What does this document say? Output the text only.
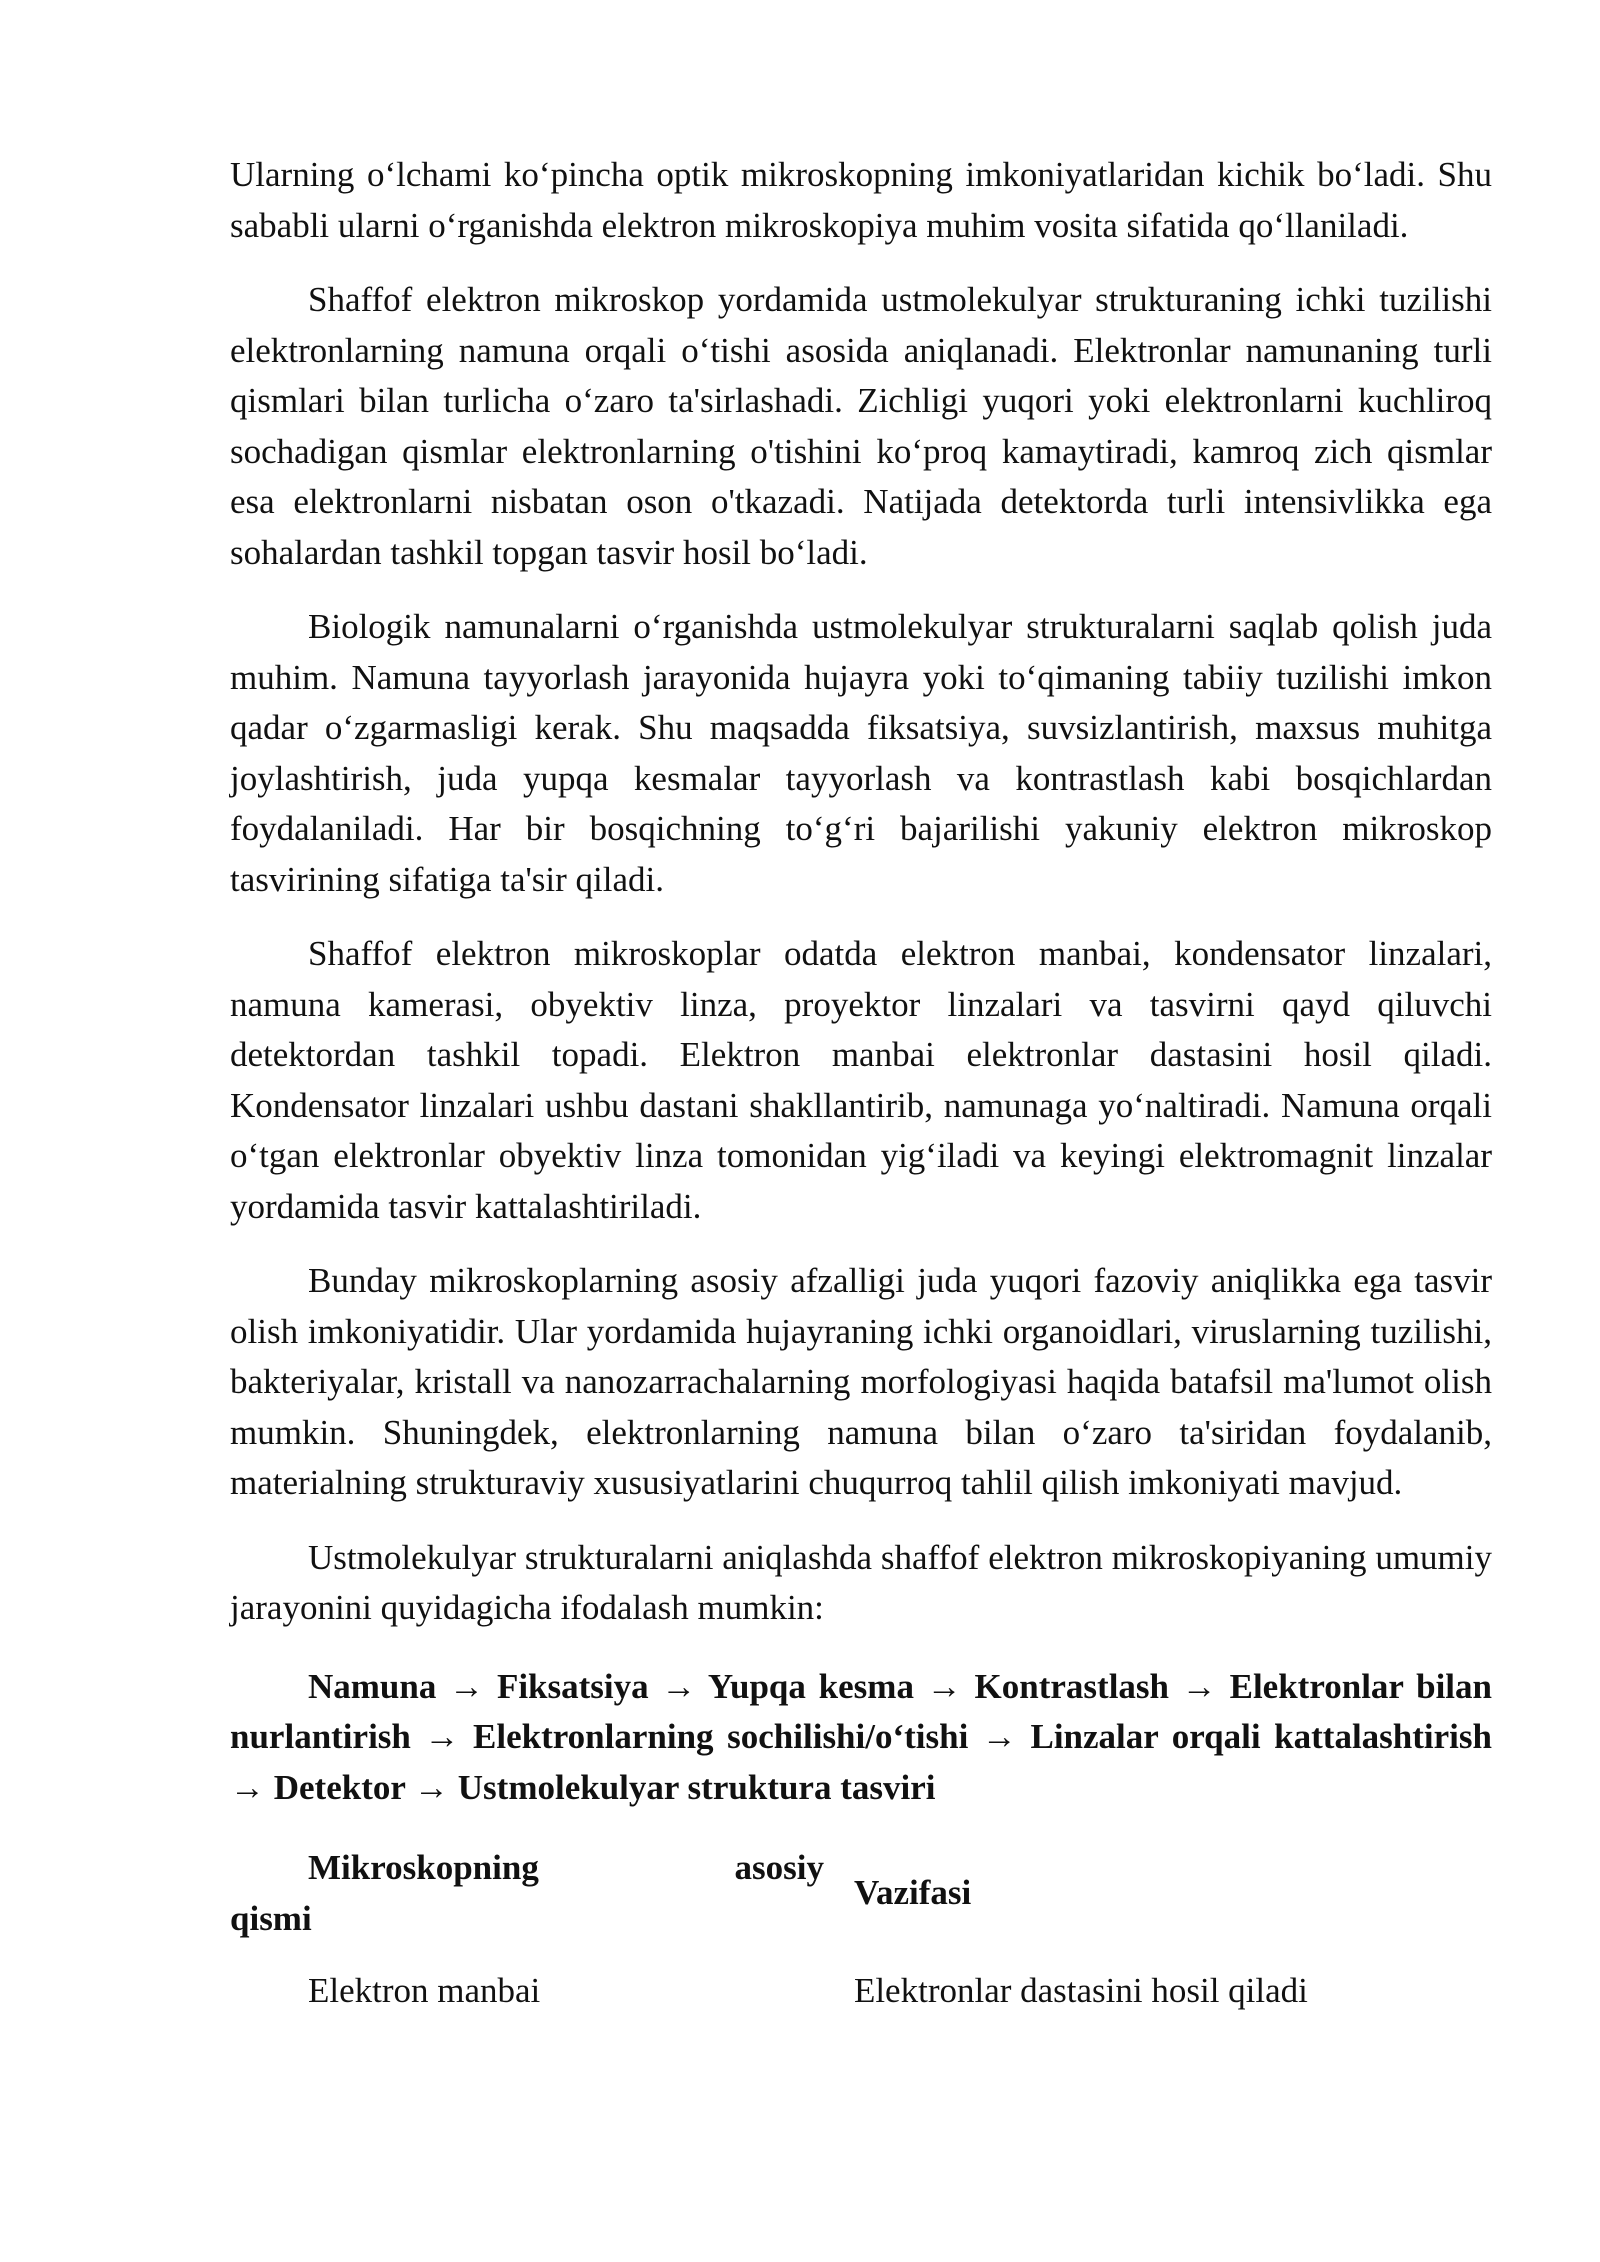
Ularning o‘lchami ko‘pincha optik mikroskopning imkoniyatlaridan kichik bo‘ladi. Shu sababli ularni o‘rganishda elektron mikroskopiya muhim vosita sifatida qo‘llaniladi.

Shaffof elektron mikroskop yordamida ustmolekulyar strukturaning ichki tuzilishi elektronlarning namuna orqali o‘tishi asosida aniqlanadi. Elektronlar namunaning turli qismlari bilan turlicha o‘zaro ta'sirlashadi. Zichligi yuqori yoki elektronlarni kuchliroq sochadigan qismlar elektronlarning o'tishini ko‘proq kamaytiradi, kamroq zich qismlar esa elektronlarni nisbatan oson o'tkazadi. Natijada detektorda turli intensivlikka ega sohalardan tashkil topgan tasvir hosil bo‘ladi.

Biologik namunalarni o‘rganishda ustmolekulyar strukturalarni saqlab qolish juda muhim. Namuna tayyorlash jarayonida hujayra yoki to‘qimaning tabiiy tuzilishi imkon qadar o‘zgarmasligi kerak. Shu maqsadda fiksatsiya, suvsizlantirish, maxsus muhitga joylashtirish, juda yupqa kesmalar tayyorlash va kontrastlash kabi bosqichlardan foydalaniladi. Har bir bosqichning to‘g‘ri bajarilishi yakuniy elektron mikroskop tasvirining sifatiga ta'sir qiladi.

Shaffof elektron mikroskoplar odatda elektron manbai, kondensator linzalari, namuna kamerasi, obyektiv linza, proyektor linzalari va tasvirni qayd qiluvchi detektordan tashkil topadi. Elektron manbai elektronlar dastasini hosil qiladi. Kondensator linzalari ushbu dastani shakllantirib, namunaga yo‘naltiradi. Namuna orqali o‘tgan elektronlar obyektiv linza tomonidan yig‘iladi va keyingi elektromagnit linzalar yordamida tasvir kattalashtiriladi.

Bunday mikroskoplarning asosiy afzalligi juda yuqori fazoviy aniqlikka ega tasvir olish imkoniyatidir. Ular yordamida hujayraning ichki organoidlari, viruslarning tuzilishi, bakteriyalar, kristall va nanozarrachalarning morfologiyasi haqida batafsil ma'lumot olish mumkin. Shuningdek, elektronlarning namuna bilan o‘zaro ta'siridan foydalanib, materialning strukturaviy xususiyatlarini chuqurroq tahlil qilish imkoniyati mavjud.

Ustmolekulyar strukturalarni aniqlashda shaffof elektron mikroskopiyaning umumiy jarayonini quyidagicha ifodalash mumkin:

Namuna → Fiksatsiya → Yupqa kesma → Kontrastlash → Elektronlar bilan nurlantirish → Elektronlarning sochilishi/o‘tishi → Linzalar orqali kattalashtirish → Detektor → Ustmolekulyar struktura tasviri

Mikroskopning asosiy
qismi	Vazifasi
Elektron manbai	Elektronlar dastasini hosil qiladi
